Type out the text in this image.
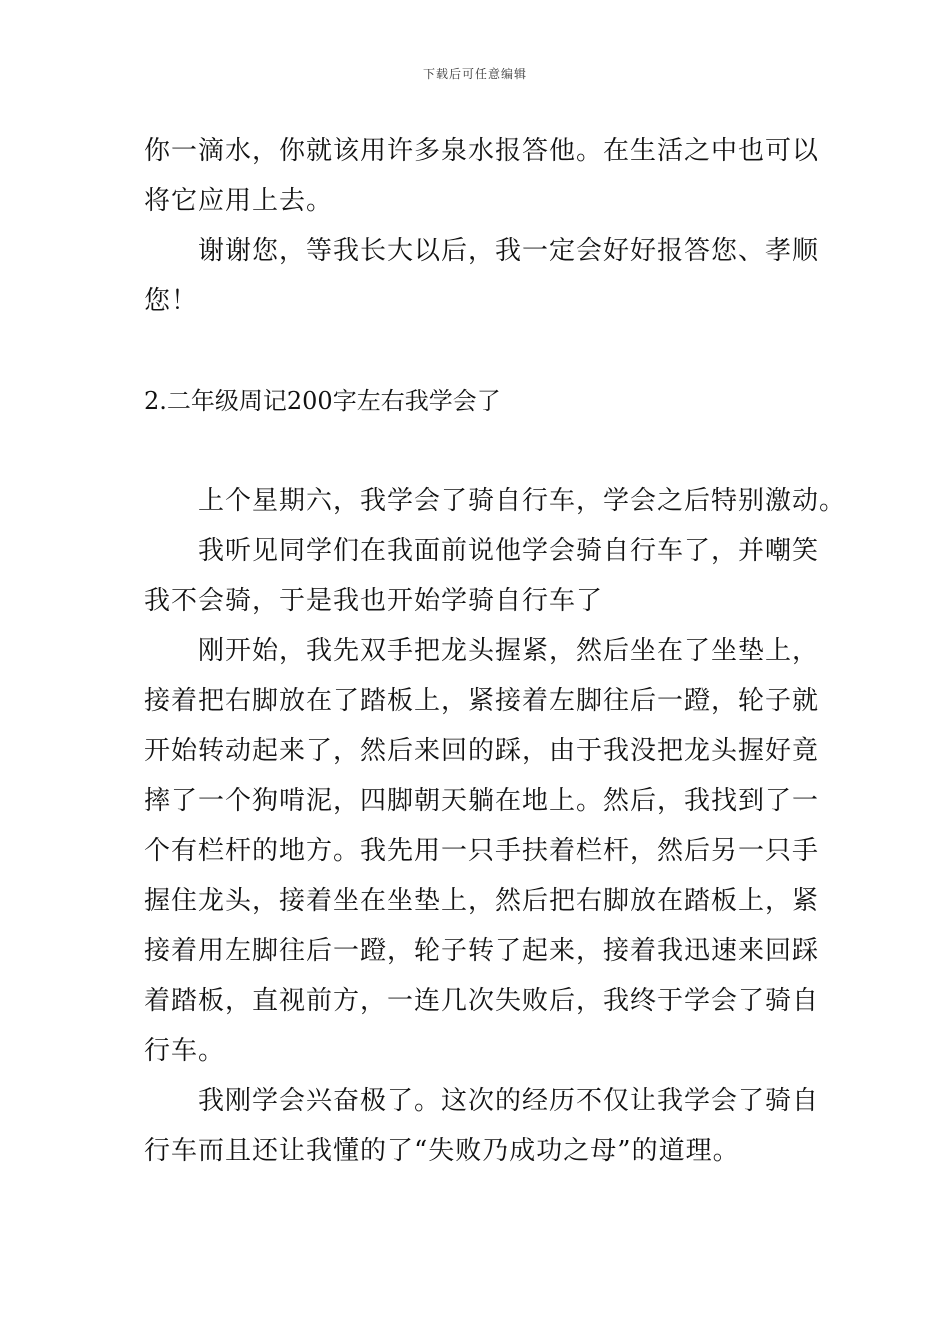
下载后可任意编辑
你一滴水，你就该用许多泉水报答他。在生活之中也可以
将它应用上去。
谢谢您，等我长大以后，我一定会好好报答您、孝顺
您！
2.二年级周记200字左右我学会了
上个星期六，我学会了骑自行车，学会之后特别激动。
我听见同学们在我面前说他学会骑自行车了，并嘲笑
我不会骑，于是我也开始学骑自行车了
刚开始，我先双手把龙头握紧，然后坐在了坐垫上，
接着把右脚放在了踏板上，紧接着左脚往后一蹬，轮子就
开始转动起来了，然后来回的踩，由于我没把龙头握好竟
摔了一个狗啃泥，四脚朝天躺在地上。然后，我找到了一
个有栏杆的地方。我先用一只手扶着栏杆，然后另一只手
握住龙头，接着坐在坐垫上，然后把右脚放在踏板上，紧
接着用左脚往后一蹬，轮子转了起来，接着我迅速来回踩
着踏板，直视前方，一连几次失败后，我终于学会了骑自
行车。
我刚学会兴奋极了。这次的经历不仅让我学会了骑自
行车而且还让我懂的了“失败乃成功之母”的道理。
